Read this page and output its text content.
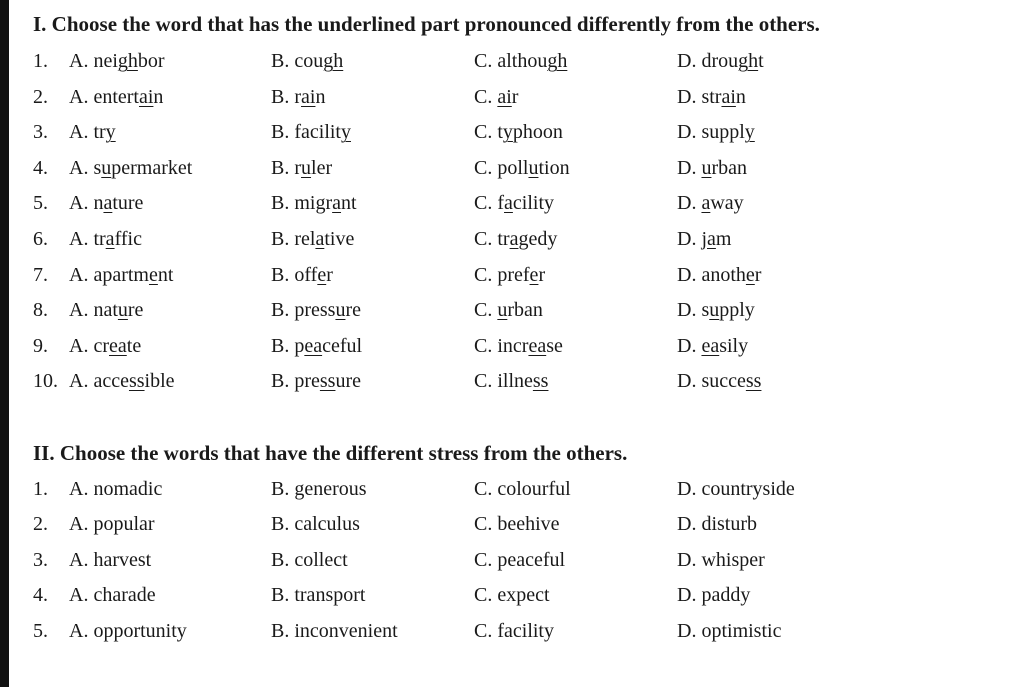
I. Choose the word that has the underlined part pronounced differently from the others.
1. A. neighbor	B. cough	C. although	D. drought
2. A. entertain	B. rain	C. air	D. strain
3. A. try	B. facility	C. typhoon	D. supply
4. A. supermarket	B. ruler	C. pollution	D. urban
5. A. nature	B. migrant	C. facility	D. away
6. A. traffic	B. relative	C. tragedy	D. jam
7. A. apartment	B. offer	C. prefer	D. another
8. A. nature	B. pressure	C. urban	D. supply
9. A. create	B. peaceful	C. increase	D. easily
10. A. accessible	B. pressure	C. illness	D. success
II. Choose the words that have the different stress from the others.
1. A. nomadic	B. generous	C. colourful	D. countryside
2. A. popular	B. calculus	C. beehive	D. disturb
3. A. harvest	B. collect	C. peaceful	D. whisper
4. A. charade	B. transport	C. expect	D. paddy
5. A. opportunity	B. inconvenient	C. facility	D. optimistic
